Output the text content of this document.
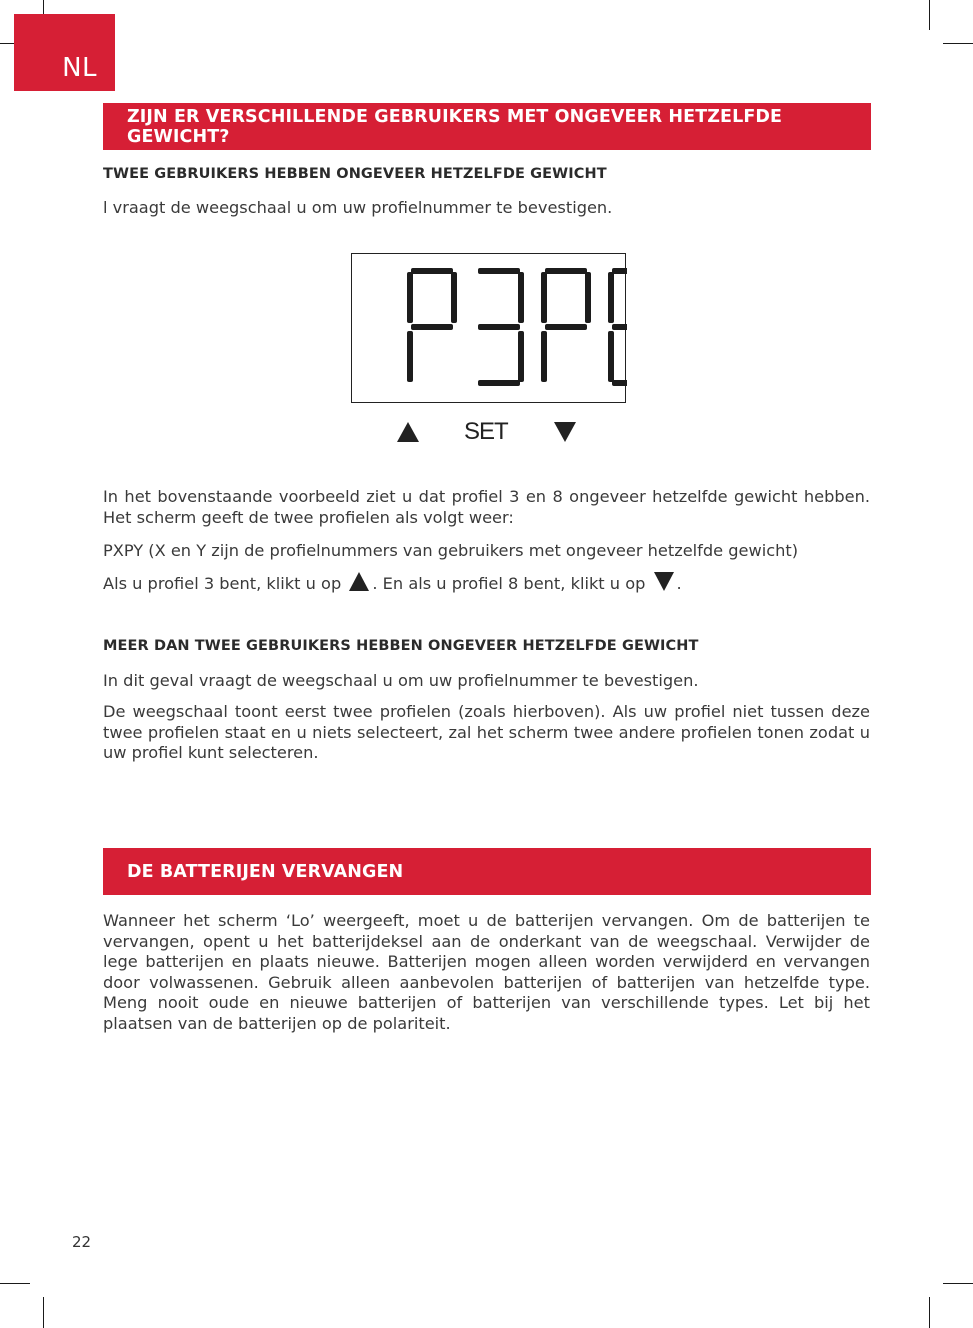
NL
ZIJN ER VERSCHILLENDE GEBRUIKERS MET ONGEVEER HETZELFDE GEWICHT?
TWEE GEBRUIKERS HEBBEN ONGEVEER HETZELFDE GEWICHT
l vraagt de weegschaal u om uw profielnummer te bevestigen.
SET
In het bovenstaande voorbeeld ziet u dat profiel 3 en 8 ongeveer hetzelfde gewicht hebben. Het scherm geeft de twee profielen als volgt weer:
PXPY (X en Y zijn de profielnummers van gebruikers met ongeveer hetzelfde gewicht)
Als u profiel 3 bent, klikt u op . En als u profiel 8 bent, klikt u op .
MEER DAN TWEE GEBRUIKERS HEBBEN ONGEVEER HETZELFDE GEWICHT
In dit geval vraagt de weegschaal u om uw profielnummer te bevestigen.
De weegschaal toont eerst twee profielen (zoals hierboven). Als uw profiel niet tussen deze twee profielen staat en u niets selecteert, zal het scherm twee andere profielen tonen zodat u uw profiel kunt selecteren.
DE BATTERIJEN VERVANGEN
Wanneer het scherm ‘Lo’ weergeeft, moet u de batterijen vervangen. Om de batterijen te vervangen, opent u het batterijdeksel aan de onderkant van de weegschaal. Verwijder de lege batterijen en plaats nieuwe. Batterijen mogen alleen worden verwijderd en vervangen door volwassenen. Gebruik alleen aanbevolen batterijen of batterijen van hetzelfde type. Meng nooit oude en nieuwe batterijen of batterijen van verschillende types. Let bij het plaatsen van de batterijen op de polariteit.
22
